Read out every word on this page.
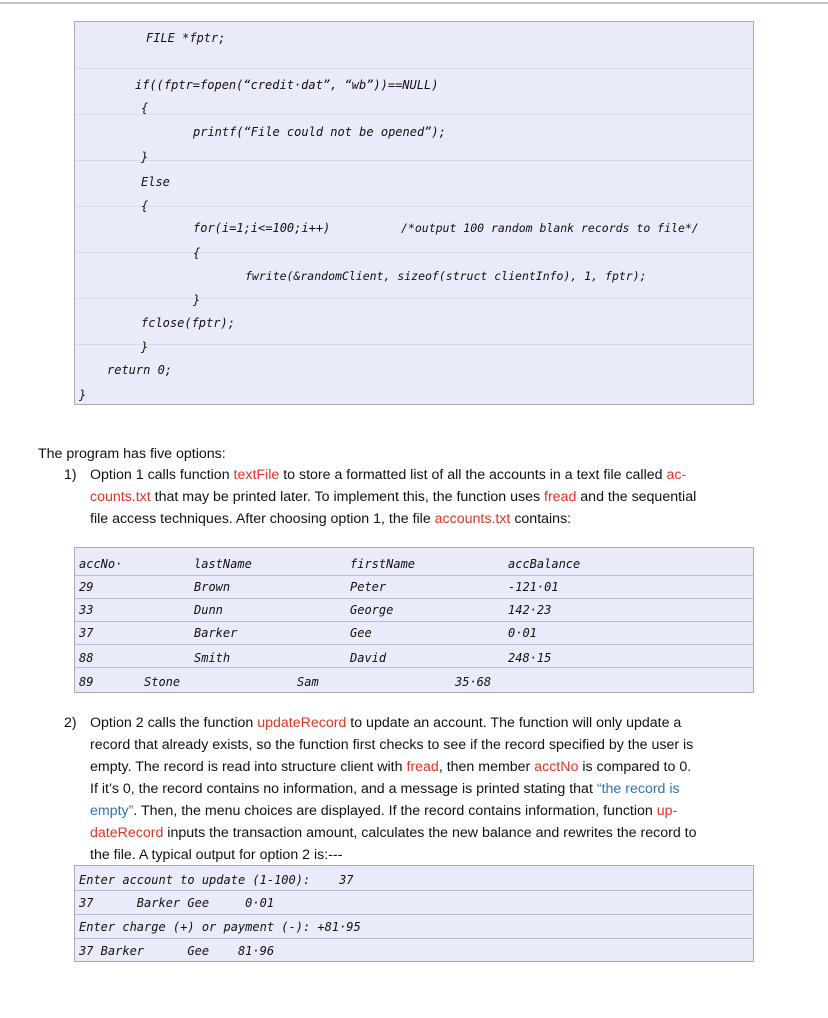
FILE *fptr;
if((fptr=fopen(“credit·dat”, “wb”))==NULL)
{
printf(“File could not be opened”);
}
Else
{
for(i=1;i<=100;i++)	/*output 100 random blank records to file*/
{
fwrite(&randomClient, sizeof(struct clientInfo), 1, fptr);
}
fclose(fptr);
}
return 0;
}
The program has five options:
1) Option 1 calls function textFile to store a formatted list of all the accounts in a text file called ac-
counts.txt that may be printed later. To implement this, the function uses fread and the sequential
file access techniques. After choosing option 1, the file accounts.txt contains:
accNo·	lastName	firstName	accBalance
29	Brown	Peter	-121·01
33	Dunn	George	142·23
37	Barker	Gee	0·01
88	Smith	David	248·15
89	Stone	Sam	35·68
2) Option 2 calls the function updateRecord to update an account. The function will only update a
record that already exists, so the function first checks to see if the record specified by the user is
empty. The record is read into structure client with fread, then member acctNo is compared to 0.
If it’s 0, the record contains no information, and a message is printed stating that “the record is
empty”. Then, the menu choices are displayed. If the record contains information, function up-
dateRecord inputs the transaction amount, calculates the new balance and rewrites the record to
the file. A typical output for option 2 is:---
Enter account to update (1-100):    37
37      Barker Gee     0·01
Enter charge (+) or payment (-): +81·95
37 Barker      Gee    81·96
